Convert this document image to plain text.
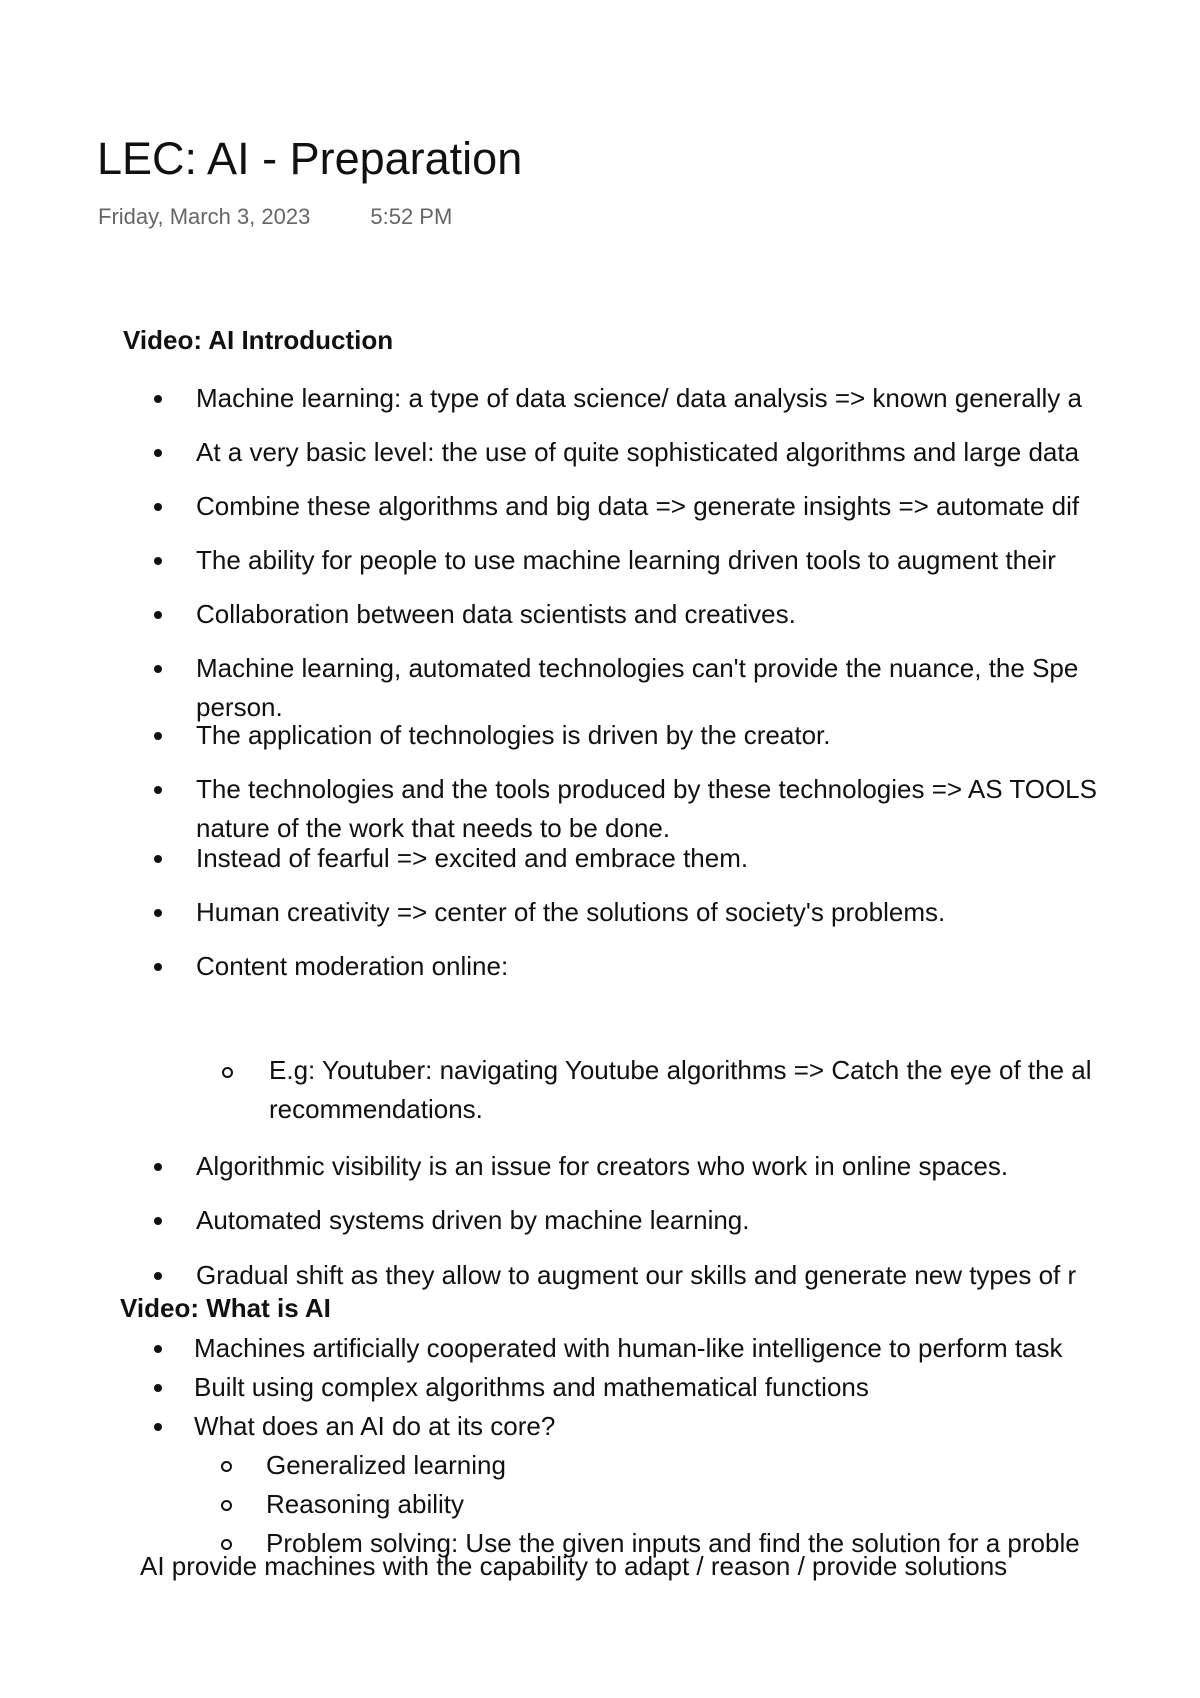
LEC: AI - Preparation
Friday, March 3, 2023	5:52 PM
Video: AI Introduction
Machine learning: a type of data science/ data analysis => known generally a
At a very basic level: the use of quite sophisticated algorithms and large data
Combine these algorithms and big data => generate insights => automate dif
The ability for people to use machine learning driven tools to augment their
Collaboration between data scientists and creatives.
Machine learning, automated technologies can't provide the nuance, the Spe
person.
The application of technologies is driven by the creator.
The technologies and the tools produced by these technologies => AS TOOLS
nature of the work that needs to be done.
Instead of fearful => excited and embrace them.
Human creativity => center of the solutions of society's problems.
Content moderation online:
E.g: Youtuber: navigating Youtube algorithms => Catch the eye of the al
recommendations.
Algorithmic visibility is an issue for creators who work in online spaces.
Automated systems driven by machine learning.
Gradual shift as they allow to augment our skills and generate new types of r
Video: What is AI
Machines artificially cooperated with human-like intelligence to perform task
Built using complex algorithms and mathematical functions
What does an AI do at its core?
Generalized learning
Reasoning ability
Problem solving: Use the given inputs and find the solution for a proble
AI provide machines with the capability to adapt / reason / provide solutions
